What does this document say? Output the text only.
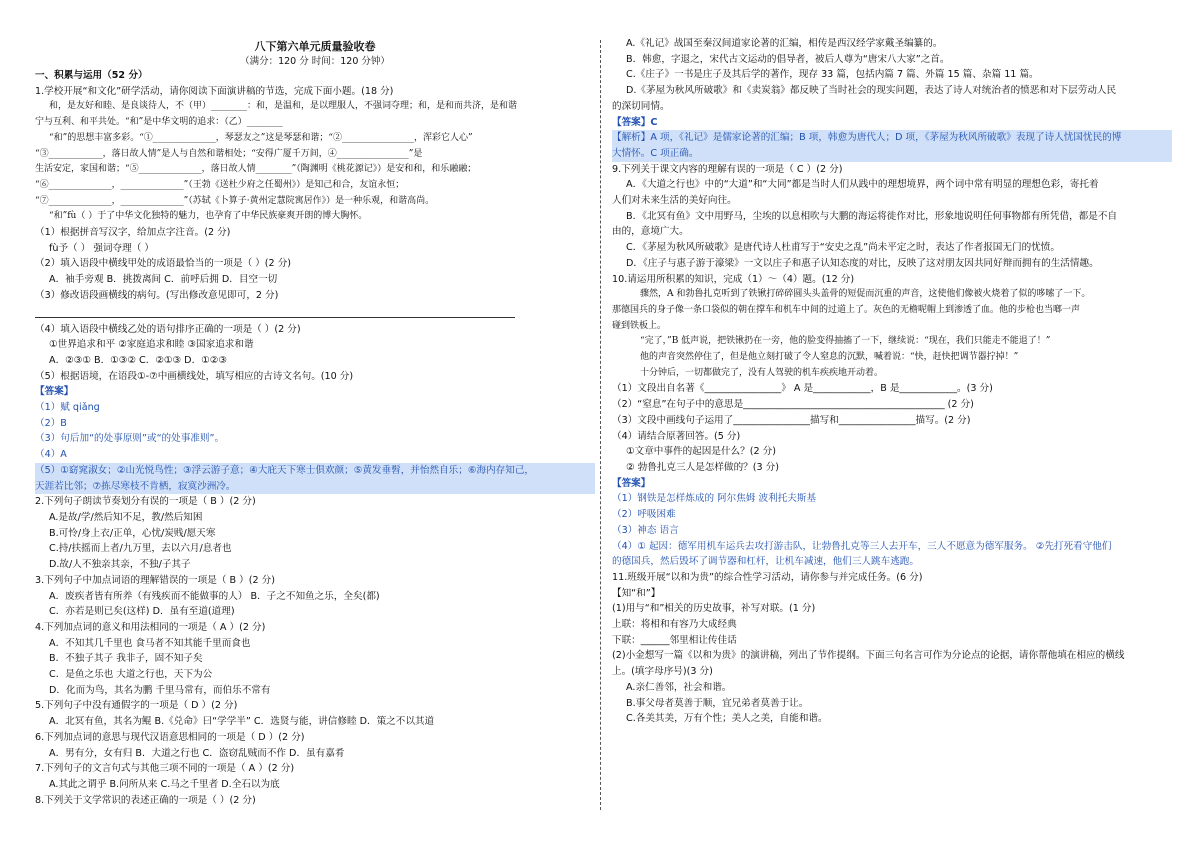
八下第六单元质量验收卷
（满分：120 分 时间：120 分钟）
一、积累与运用（52 分）
1.学校开展“和文化”研学活动，请你阅读下面演讲稿的节选，完成下面小题。(18 分)
和，是友好和睦、是良谈待人，不（甲）________：和，是温和，是以理服人，不强词夺理；和，是和而共济，是和谐
宁与互利、和平共处。“和”是中华文明的追求：（乙）________
“和”的思想丰富多彩。“①______________，琴瑟友之”这是琴瑟和谐；“②________________，浑彩它人心”
“③____________，落日故人情”是人与自然和谐相处；“安得广厦千万间，④________________”是
生活安定，家国和谐；“⑤______________，落日故人情________”（陶渊明《桃花源记》）是安和和，和乐融融；
“⑥______________，______________”（王勃《送杜少府之任蜀州》）是知己和合，友谊永恒；
“⑦______________，______________”（苏轼《卜算子·黄州定慧院寓居作》）是一种乐观，和谐高尚。
“和”fù（ ）于了中华文化独特的魅力，也孕育了中华民族豪爽开朗的博大胸怀。
（1）根据拼音写汉字，给加点字注音。(2 分)
fù予（ ） 强词夺理（ ）
（2）填入语段中横线甲处的成语最恰当的一项是（ ）(2 分)
A．袖手旁观 B．挑拨离间 C．前呼后拥 D．目空一切
（3）修改语段画横线的病句。(写出修改意见即可，2 分)
（4）填入语段中横线乙处的语句排序正确的一项是（ ）(2 分)
①世界追求和平 ②家庭追求和睦 ③国家追求和谐
A．②③① B．①③② C．②①③ D．①②③
（5）根据语境，在语段①-⑦中画横线处，填写相应的古诗文名句。(10 分)
【答案】
（1）赋 qiǎng
（2）B
（3）句后加“的处事原则”或“的处事准则”。
（4）A
（5）①窈窕淑女；②山光悦鸟性；③浮云游子意；④大庇天下寒士俱欢颜；⑤黄发垂髫，并怡然自乐；⑥海内存知己，
天涯若比邻；⑦拣尽寒枝不肯栖，寂寞沙洲冷。
2.下列句子朗读节奏划分有误的一项是（ B ）(2 分)
A.是故/学/然后知不足，教/然后知困
B.可怜/身上衣/正单，心忧/炭贱/愿天寒
C.持/扶摇而上者/九万里，去以六月/息者也
D.故/人不独亲其亲，不独/子其子
3.下列句子中加点词语的理解错误的一项是（ B ）(2 分)
A．废疾者皆有所养（有残疾而不能做事的人） B．子之不知鱼之乐，全矣(都)
C．亦若是则已矣(这样) D．虽有至道(道理)
4.下列加点词的意义和用法相同的一项是（ A ）(2 分)
A．不知其几千里也 食马者不知其能千里而食也
B．不独子其子 我非子，固不知子矣
C．是鱼之乐也 大道之行也，天下为公
D．化而为鸟，其名为鹏 千里马常有，而伯乐不常有
5.下列句子中没有通假字的一项是（ D ）(2 分)
A．北冥有鱼，其名为鲲 B.《兑命》曰“学学半” C．选贤与能，讲信修睦 D．策之不以其道
6.下列加点词的意思与现代汉语意思相同的一项是（ D ）(2 分)
A．男有分，女有归 B．大道之行也 C．盗窃乱贼而不作 D．虽有嘉肴
7.下列句子的文言句式与其他三项不同的一项是（ A ）(2 分)
A.其此之谓乎 B.问所从来 C.马之千里者 D.全石以为底
8.下列关于文学常识的表述正确的一项是（ ）(2 分)
A.《礼记》战国至秦汉间道家论著的汇编，相传是西汉经学家戴圣编纂的。
B．韩愈，字退之，宋代古文运动的倡导者，被后人尊为“唐宋八大家”之首。
C.《庄子》一书是庄子及其后学的著作，现存 33 篇，包括内篇 7 篇、外篇 15 篇、杂篇 11 篇。
D.《茅屋为秋风所破歌》和《卖炭翁》都反映了当时社会的现实问题，表达了诗人对统治者的愤恶和对下层劳动人民
的深切同情。
【答案】C
【解析】A 项，《礼记》是儒家论著的汇编；B 项，韩愈为唐代人；D 项，《茅屋为秋风所破歌》表现了诗人忧国忧民的博
大情怀。C 项正确。
9.下列关于课文内容的理解有误的一项是（ C ）(2 分)
A．《大道之行也》中的“大道”和“大同”都是当时人们从践中的理想境界，两个词中常有明显的理想色彩，寄托着
人们对未来生活的美好向往。
B．《北冥有鱼》文中用野马，尘埃的以息相吹与大鹏的海运将徙作对比，形象地说明任何事物都有所凭借，都是不自
由的，意境广大。
C．《茅屋为秋风所破歌》是唐代诗人杜甫写于“安史之乱”尚未平定之时，表达了作者报国无门的忧愤。
D．《庄子与惠子游于濠梁》一文以庄子和惠子认知态度的对比，反映了这对朋友因共同好辩而拥有的生活情趣。
10.请运用所积累的知识，完成（1）～（4）题。(12 分)
骤然，A 和勃鲁扎克听到了铁锹打碎碎圆头头盖骨的短促而沉重的声音，这使他们像被火烧着了似的哆嗦了一下。
那德国兵的身子像一条口袋似的朝在撑车和机车中间的过道上了。灰色的无檐呢帽上到渗透了血。他的步枪也当啷一声
碰到铁板上。
“完了，”B 低声说，把铁锹扔在一旁，他的脸变得抽搐了一下，继续说：“现在，我们只能走不能退了！”
他的声音突然停住了，但是他立刻打破了令人窒息的沉默，喊着说：“快，赶快把调节器拧掉！”
十分钟后，一切都做完了，没有人驾驶的机车疾疾地开动着。
（1）文段出自名著《________________》 A 是____________，B 是____________。(3 分)
（2）“窒息”在句子中的意思是__________________________________________ (2 分)
（3）文段中画线句子运用了________________描写和________________描写。(2 分)
（4）请结合原著回答。(5 分)
①文章中事件的起因是什么？(2 分)
② 勃鲁扎克三人是怎样做的？(3 分)
【答案】
（1）钢铁是怎样炼成的 阿尔焦姆 波利托夫斯基
（2）呼吸困难
（3）神态 语言
（4）① 起因：德军用机车运兵去攻打游击队，让勃鲁扎克等三人去开车，三人不愿意为德军服务。 ②先打死看守他们
的德国兵，然后毁坏了调节器和杠杆，让机车减速，他们三人跳车逃跑。
11.班级开展“以和为贵”的综合性学习活动，请你参与并完成任务。(6 分)
【知“和”】
(1)用与“和”相关的历史故事，补写对联。(1 分)
上联：将相和有容乃大成经典
下联：______邻里相让传佳话
(2)小金想写一篇《以和为贵》的演讲稿，列出了节作提纲。下面三句名言可作为分论点的论据，请你帮他填在相应的横线
上。(填字母序号)(3 分)
A.亲仁善邻，社会和谐。
B.事父母者莫善于顺，宜兄弟者莫善于让。
C.各美其美，万有个性；美人之美，自能和谐。
